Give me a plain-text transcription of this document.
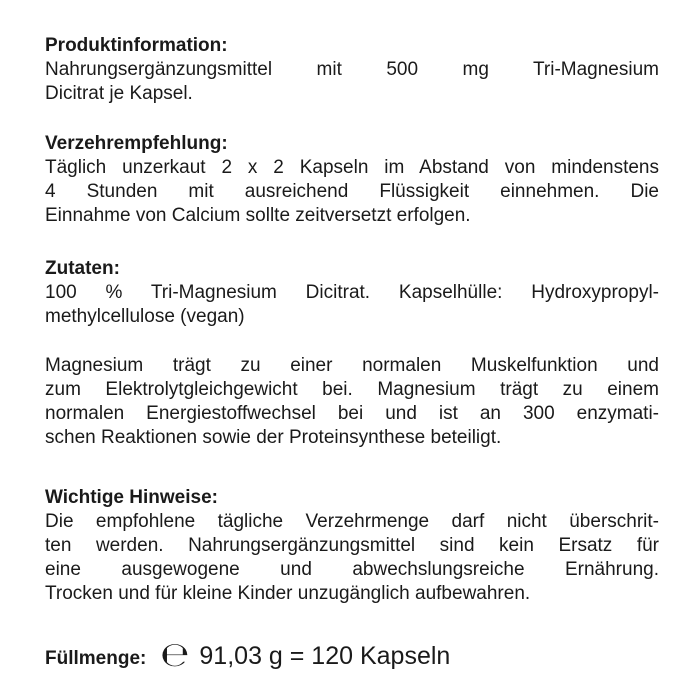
Produktinformation:

Nahrungsergänzungsmittel mit 500 mg Tri-Magnesium
Dicitrat je Kapsel.

Verzehrempfehlung:

Täglich unzerkaut 2 x 2 Kapseln im Abstand von mindenstens
4 Stunden mit ausreichend Flüssigkeit einnehmen. Die
Einnahme von Calcium sollte zeitversetzt erfolgen.

Zutaten:

100 % Tri-Magnesium Dicitrat. Kapselhülle: Hydroxypropyl-
methylcellulose (vegan)

Magnesium trägt zu einer normalen Muskelfunktion und
zum Elektrolytgleichgewicht bei. Magnesium trägt zu einem
normalen Energiestoffwechsel bei und ist an 300 enzymati-
schen Reaktionen sowie der Proteinsynthese beteiligt.

Wichtige Hinweise:

Die empfohlene tägliche Verzehrmenge darf nicht überschrit-
ten werden. Nahrungsergänzungsmittel sind kein Ersatz für
eine ausgewogene und abwechslungsreiche Ernährung.
Trocken und für kleine Kinder unzugänglich aufbewahren.

Füllmenge: ℮ 91,03 g = 120 Kapseln
